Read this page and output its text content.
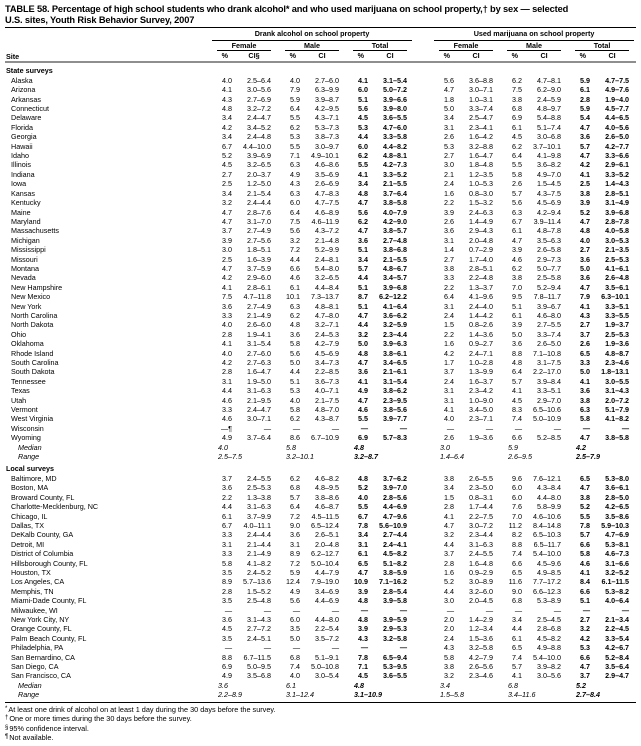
TABLE 58. Percentage of high school students who drank alcohol* and who used marijuana on school property,† by sex — selected
U.S. sites, Youth Risk Behavior Survey, 2007
Site	Drank alcohol on school property							Used marijuana on school property					

	Female		Male		Total			Female		Male		Total	

	%	CI§	%	CI	%	CI		%	CI	%	CI	%	CI
State surveys													
Alaska	4.0	2.5–6.4	4.0	2.7–6.0	4.1	3.1–5.4		5.6	3.6–8.8	6.2	4.7–8.1	5.9	4.7–7.5
Arizona	4.1	3.0–5.6	7.9	6.3–9.9	6.0	5.0–7.2		4.7	3.0–7.1	7.5	6.2–9.0	6.1	4.9–7.6
Arkansas	4.3	2.7–6.9	5.9	3.9–8.7	5.1	3.9–6.6		1.8	1.0–3.1	3.8	2.4–5.9	2.8	1.9–4.0
Connecticut	4.8	3.2–7.2	6.4	4.2–9.5	5.6	3.9–8.0		5.0	3.3–7.4	6.8	4.8–9.7	5.9	4.5–7.7
Delaware	3.4	2.4–4.7	5.5	4.3–7.1	4.5	3.6–5.5		3.4	2.5–4.7	6.9	5.4–8.8	5.4	4.4–6.5
Florida	4.2	3.4–5.2	6.2	5.3–7.3	5.3	4.7–6.0		3.1	2.3–4.1	6.1	5.1–7.4	4.7	4.0–5.6
Georgia	3.4	2.4–4.8	5.3	3.8–7.3	4.4	3.3–5.8		2.6	1.6–4.2	4.5	3.0–6.8	3.6	2.6–5.0
Hawaii	6.7	4.4–10.0	5.5	3.0–9.7	6.0	4.4–8.2		5.3	3.2–8.8	6.2	3.7–10.1	5.7	4.2–7.7
Idaho	5.2	3.9–6.9	7.1	4.9–10.1	6.2	4.8–8.1		2.7	1.6–4.7	6.4	4.1–9.8	4.7	3.3–6.6
Illinois	4.5	3.2–6.5	6.3	4.6–8.6	5.5	4.2–7.3		3.0	1.8–4.8	5.5	3.6–8.2	4.2	2.9–6.1
Indiana	2.7	2.0–3.7	4.9	3.5–6.9	4.1	3.3–5.2		2.1	1.2–3.5	5.8	4.9–7.0	4.1	3.3–5.2
Iowa	2.5	1.2–5.0	4.3	2.6–6.9	3.4	2.1–5.5		2.4	1.0–5.3	2.6	1.5–4.5	2.5	1.4–4.3
Kansas	3.4	2.1–5.4	6.3	4.7–8.3	4.8	3.7–6.4		1.6	0.8–3.0	5.7	4.3–7.5	3.8	2.8–5.1
Kentucky	3.2	2.4–4.4	6.0	4.7–7.5	4.7	3.8–5.8		2.2	1.5–3.2	5.6	4.5–6.9	3.9	3.1–4.9
Maine	4.7	2.8–7.6	6.4	4.6–8.9	5.6	4.0–7.9		3.9	2.4–6.3	6.3	4.2–9.4	5.2	3.9–6.8
Maryland	4.7	3.1–7.0	7.5	4.6–11.9	6.2	4.2–9.0		2.6	1.4–4.9	6.7	3.9–11.4	4.7	2.8–7.8
Massachusetts	3.7	2.7–4.9	5.6	4.3–7.2	4.7	3.8–5.7		3.6	2.9–4.3	6.1	4.8–7.8	4.8	4.0–5.8
Michigan	3.9	2.7–5.6	3.2	2.1–4.8	3.6	2.7–4.8		3.1	2.0–4.8	4.7	3.5–6.3	4.0	3.0–5.3
Mississippi	3.0	1.8–5.1	7.2	5.2–9.9	5.1	3.8–6.8		1.4	0.7–2.9	3.9	2.6–5.8	2.7	2.1–3.5
Missouri	2.5	1.6–3.9	4.4	2.4–8.1	3.4	2.1–5.5		2.7	1.7–4.0	4.6	2.9–7.3	3.6	2.5–5.3
Montana	4.7	3.7–5.9	6.6	5.4–8.0	5.7	4.8–6.7		3.8	2.8–5.1	6.2	5.0–7.7	5.0	4.1–6.1
Nevada	4.2	2.9–6.0	4.6	3.2–6.5	4.4	3.4–5.7		3.3	2.2–4.8	3.8	2.5–5.8	3.6	2.6–4.8
New Hampshire	4.1	2.8–6.1	6.1	4.4–8.4	5.1	3.9–6.8		2.2	1.3–3.7	7.0	5.2–9.4	4.7	3.5–6.1
New Mexico	7.5	4.7–11.8	10.1	7.3–13.7	8.7	6.2–12.2		6.4	4.1–9.6	9.5	7.8–11.7	7.9	6.3–10.1
New York	3.6	2.7–4.9	6.3	4.8–8.1	5.1	4.1–6.4		3.1	2.4–4.0	5.1	3.9–6.7	4.1	3.3–5.1
North Carolina	3.3	2.1–4.9	6.2	4.7–8.0	4.7	3.6–6.2		2.4	1.4–4.2	6.1	4.6–8.0	4.3	3.3–5.5
North Dakota	4.0	2.6–6.0	4.8	3.2–7.1	4.4	3.2–5.9		1.5	0.8–2.6	3.9	2.7–5.5	2.7	1.9–3.7
Ohio	2.8	1.9–4.1	3.6	2.4–5.3	3.2	2.3–4.4		2.2	1.4–3.6	5.0	3.3–7.4	3.7	2.5–5.3
Oklahoma	4.1	3.1–5.4	5.8	4.2–7.9	5.0	3.9–6.3		1.6	0.9–2.7	3.6	2.6–5.0	2.6	1.9–3.6
Rhode Island	4.0	2.7–6.0	5.6	4.5–6.9	4.8	3.8–6.1		4.2	2.4–7.1	8.8	7.1–10.8	6.5	4.8–8.7
South Carolina	4.2	2.7–6.3	5.0	3.4–7.3	4.7	3.4–6.5		1.7	1.0–2.8	4.8	3.1–7.5	3.3	2.3–4.6
South Dakota	2.8	1.6–4.7	4.4	2.2–8.5	3.6	2.1–6.1		3.7	1.3–9.9	6.4	2.2–17.0	5.0	1.8–13.1
Tennessee	3.1	1.9–5.0	5.1	3.6–7.3	4.1	3.1–5.4		2.4	1.6–3.7	5.7	3.9–8.4	4.1	3.0–5.5
Texas	4.4	3.1–6.3	5.3	4.0–7.1	4.9	3.8–6.2		3.1	2.3–4.2	4.1	3.3–5.1	3.6	3.1–4.3
Utah	4.6	2.1–9.5	4.0	2.1–7.5	4.7	2.3–9.5		3.1	1.0–9.0	4.5	2.9–7.0	3.8	2.0–7.2
Vermont	3.3	2.4–4.7	5.8	4.8–7.0	4.6	3.8–5.6		4.1	3.4–5.0	8.3	6.5–10.6	6.3	5.1–7.9
West Virginia	4.6	3.0–7.1	6.2	4.3–8.7	5.5	3.9–7.7		4.0	2.3–7.1	7.4	5.0–10.9	5.8	4.1–8.2
Wisconsin	—¶	—	—	—	—	—		—	—	—	—	—	—
Wyoming	4.9	3.7–6.4	8.6	6.7–10.9	6.9	5.7–8.3		2.6	1.9–3.6	6.6	5.2–8.5	4.7	3.8–5.8
Median	4.0		5.8		4.8			3.0		5.9		4.2	
Range	2.5–7.5		3.2–10.1		3.2–8.7			1.4–6.4		2.6–9.5		2.5–7.9	
Local surveys													
Baltimore, MD	3.7	2.4–5.5	6.2	4.6–8.2	4.8	3.7–6.2		3.8	2.6–5.5	9.6	7.6–12.1	6.5	5.3–8.0
Boston, MA	3.6	2.5–5.3	6.8	4.8–9.5	5.2	3.9–7.0		3.4	2.3–5.0	6.0	4.3–8.4	4.7	3.6–6.1
Broward County, FL	2.2	1.3–3.8	5.7	3.8–8.6	4.0	2.8–5.6		1.5	0.8–3.1	6.0	4.4–8.0	3.8	2.8–5.0
Charlotte-Mecklenburg, NC	4.4	3.1–6.3	6.4	4.6–8.7	5.5	4.4–6.9		2.8	1.7–4.4	7.6	5.8–9.9	5.2	4.2–6.5
Chicago, IL	6.1	3.7–9.9	7.2	4.5–11.5	6.7	4.7–9.6		4.1	2.2–7.5	7.0	4.6–10.6	5.5	3.5–8.6
Dallas, TX	6.7	4.0–11.1	9.0	6.5–12.4	7.8	5.6–10.9		4.7	3.0–7.2	11.2	8.4–14.8	7.8	5.9–10.3
DeKalb County, GA	3.3	2.4–4.4	3.6	2.6–5.1	3.4	2.7–4.4		3.2	2.3–4.4	8.2	6.5–10.3	5.7	4.7–6.9
Detroit, MI	3.1	2.1–4.4	3.1	2.0–4.8	3.1	2.4–4.1		4.4	3.1–6.3	8.8	6.5–11.7	6.6	5.3–8.1
District of Columbia	3.3	2.1–4.9	8.9	6.2–12.7	6.1	4.5–8.2		3.7	2.4–5.5	7.4	5.4–10.0	5.8	4.6–7.3
Hillsborough County, FL	5.8	4.1–8.2	7.2	5.0–10.4	6.5	5.1–8.2		2.8	1.6–4.8	6.6	4.5–9.6	4.6	3.1–6.6
Houston, TX	3.5	2.4–5.2	5.9	4.4–7.9	4.7	3.8–5.9		1.6	0.9–2.9	6.5	4.9–8.5	4.1	3.2–5.2
Los Angeles, CA	8.9	5.7–13.6	12.4	7.9–19.0	10.9	7.1–16.2		5.2	3.0–8.9	11.6	7.7–17.2	8.4	6.1–11.5
Memphis, TN	2.8	1.5–5.2	4.9	3.4–6.9	3.9	2.8–5.4		4.4	3.2–6.0	9.0	6.6–12.3	6.6	5.3–8.2
Miami-Dade County, FL	3.5	2.5–4.8	5.6	4.4–6.9	4.8	3.9–5.8		3.0	2.0–4.5	6.8	5.3–8.9	5.1	4.0–6.4
Milwaukee, WI	—	—	—	—	—	—		—	—	—	—	—	—
New York City, NY	3.6	3.1–4.3	6.0	4.4–8.0	4.8	3.9–5.9		2.0	1.4–2.9	3.4	2.5–4.5	2.7	2.1–3.4
Orange County, FL	4.5	2.7–7.2	3.5	2.2–5.4	3.9	2.9–5.3		2.0	1.2–3.4	4.4	2.8–6.8	3.2	2.2–4.5
Palm Beach County, FL	3.5	2.4–5.1	5.0	3.5–7.2	4.3	3.2–5.8		2.4	1.5–3.6	6.1	4.5–8.2	4.2	3.3–5.4
Philadelphia, PA	—	—	—	—	—	—		4.3	3.2–5.8	6.5	4.9–8.8	5.3	4.2–6.7
San Bernardino, CA	8.8	6.7–11.5	6.8	5.1–9.1	7.8	6.5–9.4		5.8	4.2–7.9	7.4	5.4–10.0	6.6	5.2–8.4
San Diego, CA	6.9	5.0–9.5	7.4	5.0–10.8	7.1	5.3–9.5		3.8	2.6–5.6	5.7	3.9–8.2	4.7	3.5–6.4
San Francisco, CA	4.9	3.5–6.8	4.0	3.0–5.4	4.5	3.6–5.5		3.2	2.3–4.6	4.1	3.0–5.6	3.7	2.9–4.7
Median	3.6		6.1		4.8			3.4		6.8		5.2	
Range	2.2–8.9		3.1–12.4		3.1–10.9			1.5–5.8		3.4–11.6		2.7–8.4	
*At least one drink of alcohol on at least 1 day during the 30 days before the survey.
†One or more times during the 30 days before the survey.
§95% confidence interval.
¶Not available.
